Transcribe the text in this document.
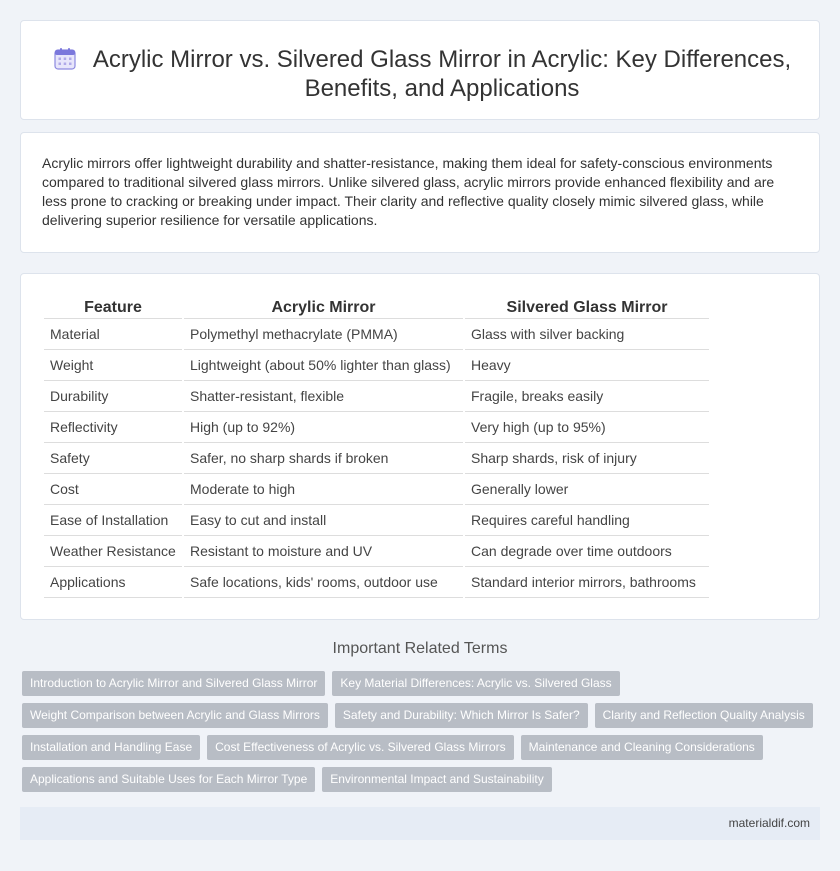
Acrylic Mirror vs. Silvered Glass Mirror in Acrylic: Key Differences, Benefits, and Applications

Acrylic mirrors offer lightweight durability and shatter-resistance, making them ideal for safety-conscious environments compared to traditional silvered glass mirrors. Unlike silvered glass, acrylic mirrors provide enhanced flexibility and are less prone to cracking or breaking under impact. Their clarity and reflective quality closely mimic silvered glass, while delivering superior resilience for versatile applications.

Feature	Acrylic Mirror	Silvered Glass Mirror
Material	Polymethyl methacrylate (PMMA)	Glass with silver backing
Weight	Lightweight (about 50% lighter than glass)	Heavy
Durability	Shatter-resistant, flexible	Fragile, breaks easily
Reflectivity	High (up to 92%)	Very high (up to 95%)
Safety	Safer, no sharp shards if broken	Sharp shards, risk of injury
Cost	Moderate to high	Generally lower
Ease of Installation	Easy to cut and install	Requires careful handling
Weather Resistance	Resistant to moisture and UV	Can degrade over time outdoors
Applications	Safe locations, kids' rooms, outdoor use	Standard interior mirrors, bathrooms
Important Related Terms
Introduction to Acrylic Mirror and Silvered Glass Mirror	Key Material Differences: Acrylic vs. Silvered Glass
Weight Comparison between Acrylic and Glass Mirrors	Safety and Durability: Which Mirror Is Safer?	Clarity and Reflection Quality Analysis
Installation and Handling Ease	Cost Effectiveness of Acrylic vs. Silvered Glass Mirrors	Maintenance and Cleaning Considerations
Applications and Suitable Uses for Each Mirror Type	Environmental Impact and Sustainability
materialdif.com
